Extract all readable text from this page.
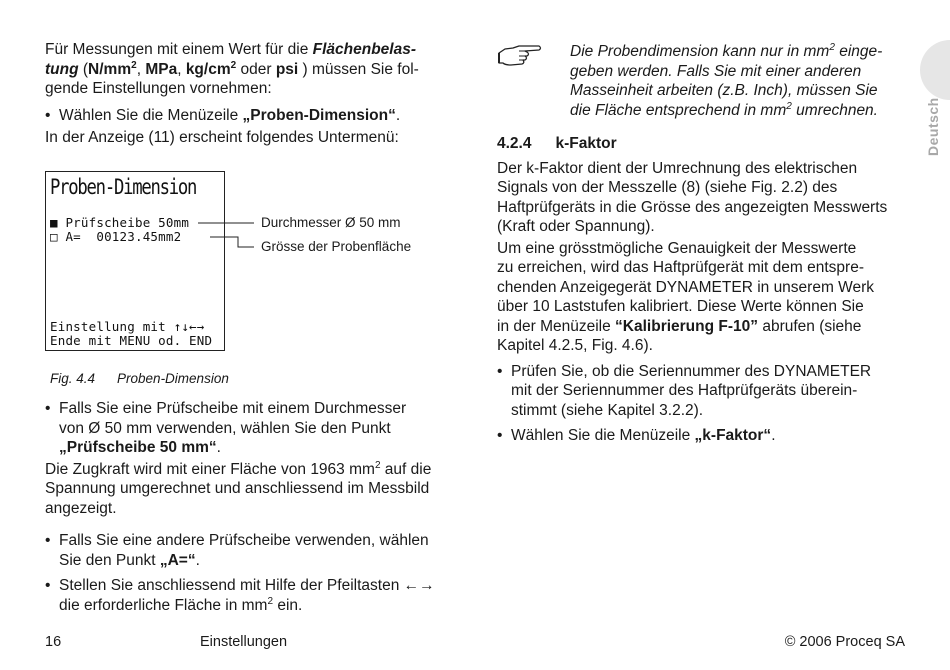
Für Messungen mit einem Wert für die Flächenbelas-
tung ($N/mm^2$, MPa, $kg/cm^2$ oder psi ) müssen Sie fol-
gende Einstellungen vornehmen:

• Wählen Sie die Menüzeile „Proben-Dimension“.

In der Anzeige (11) erscheint folgendes Untermenü:

Proben-Dimension
■ Prüfscheibe 50mm
□ A=  00123.45mm2
Einstellung mit ↑↓←→
Ende mit MENU od. END
Durchmesser Ø 50 mm
Grösse der Probenfläche
Fig. 4.4 Proben-Dimension

• Falls Sie eine Prüfscheibe mit einem Durchmesser
von Ø 50 mm verwenden, wählen Sie den Punkt
„Prüfscheibe 50 mm“.

Die Zugkraft wird mit einer Fläche von 1963 $mm^2$ auf die
Spannung umgerechnet und anschliessend im Messbild
angezeigt.

• Falls Sie eine andere Prüfscheibe verwenden, wählen
Sie den Punkt „A=“.

• Stellen Sie anschliessend mit Hilfe der Pfeiltasten ←→
die erforderliche Fläche in $mm^2$ ein.

Die Probendimension kann nur in $mm^2$ einge-
geben werden. Falls Sie mit einer anderen
Masseinheit arbeiten (z.B. Inch), müssen Sie
die Fläche entsprechend in $mm^2$ umrechnen.

4.2.4 k-Faktor

Der k-Faktor dient der Umrechnung des elektrischen
Signals von der Messzelle (8) (siehe Fig. 2.2) des
Haftprüfgeräts in die Grösse des angezeigten Messwerts
(Kraft oder Spannung).

Um eine grösstmögliche Genauigkeit der Messwerte
zu erreichen, wird das Haftprüfgerät mit dem entspre-
chenden Anzeigegerät DYNAMETER in unserem Werk
über 10 Laststufen kalibriert. Diese Werte können Sie
in der Menüzeile “Kalibrierung F-10” abrufen (siehe
Kapitel 4.2.5, Fig. 4.6).

• Prüfen Sie, ob die Seriennummer des DYNAMETER
mit der Seriennummer des Haftprüfgeräts überein-
stimmt (siehe Kapitel 3.2.2).

• Wählen Sie die Menüzeile „k-Faktor“.

Deutsch
16	Einstellungen	© 2006 Proceq SA
